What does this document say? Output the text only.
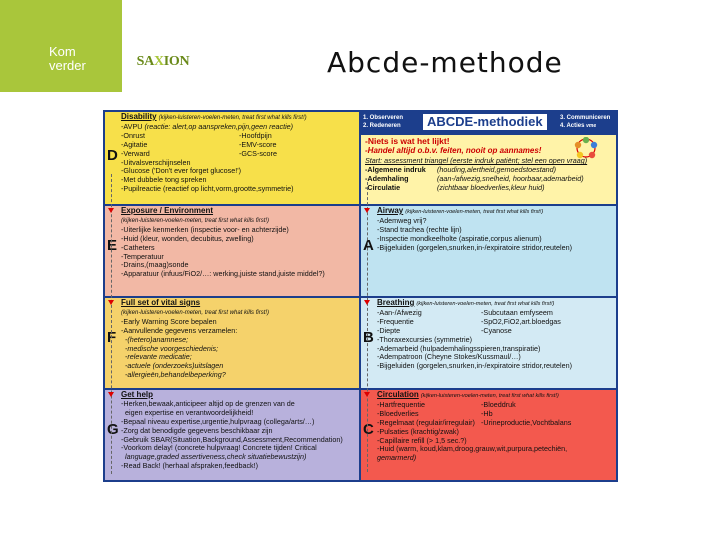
Kom
verder	SAXION	Abcde-methode
D
Disability (kijken-luisteren-voelen-meten, treat first what kills first!)
-AVPU (reactie: alert,op aanspreken,pijn,geen reactie)
-Onrust	-Hoofdpijn
-Agitatie	-EMV-score
-Verward	-GCS-score
-Uitvalsverschijnselen
-Glucose ('Don't ever forget glucose!')
-Met dubbele tong spreken
-Pupilreactie (reactief op licht,vorm,grootte,symmetrie)
E
Exposure / Environment
(kijken-luisteren-voelen-meten, treat first what kills first!)
-Uiterlijke kenmerken (inspectie voor- en achterzijde)
-Huid (kleur, wonden, decubitus, zwelling)
-Catheters
-Temperatuur
-Drains,(maag)sonde
-Apparatuur (infuus/FiO2/…: werking,juiste stand,juiste middel?)
F
Full set of vital signs
(kijken-luisteren-voelen-meten, treat first what kills first!)
-Early Warning Score bepalen
-Aanvullende gegevens verzamelen:
-(hetero)anamnese;
-medische voorgeschiedenis;
-relevante medicatie;
-actuele (onderzoeks)uitslagen
-allergieën,behandelbeperking?
G
Get help
-Herken,bewaak,anticipeer altijd op de grenzen van de
eigen expertise en verantwoordelijkheid!
-Bepaal niveau expertise,urgentie,hulpvraag (collega/arts/…)
-Zorg dat benodigde gegevens beschikbaar zijn
-Gebruik SBAR(Situation,Background,Assessment,Recommendation)
-Voorkom delay! (concrete hulpvraag! Concrete tijden! Critical
language,graded assertiveness,check situatiebewustzijn)
-Read Back! (herhaal afspraken,feedback!)
1. Observeren
2. Redeneren	ABCDE-methodiek	3. Communiceren
4. Acties vme
-Niets is wat het lijkt!
-Handel altijd o.b.v. feiten, nooit op aannames!
Start: assessment triangel (eerste indruk patiënt; stel een open vraag)
-Algemene indruk	(houding,alertheid,gemoedstoestand)
-Ademhaling	(aan-/afwezig,snelheid, hoorbaar,ademarbeid)
-Circulatie	(zichtbaar bloedverlies,kleur huid)
A
Airway (kijken-luisteren-voelen-meten, treat first what kills first!)
-Ademweg vrij?
-Stand trachea (rechte lijn)
-Inspectie mondkeelholte (aspiratie,corpus alienum)
-Bijgeluiden (gorgelen,snurken,in-/expiratoire stridor,reutelen)
B
Breathing (kijken-luisteren-voelen-meten, treat first what kills first!)
-Aan-/Afwezig	-Subcutaan emfyseem
-Frequentie	-SpO2,FiO2,art.bloedgas
-Diepte	-Cyanose
-Thoraxexcursies (symmetrie)
-Ademarbeid (hulpademhalingsspieren,transpiratie)
-Adempatroon (Cheyne Stokes/Kussmaul/…)
-Bijgeluiden (gorgelen,snurken,in-/expiratoire stridor,reutelen)
C
Circulation (kijken-luisteren-voelen-meten, treat first what kills first!)
-Hartfrequentie	-Bloeddruk
-Bloedverlies	-Hb
-Regelmaat (regulair/irregulair) -Urineproductie,Vochtbalans
-Pulsaties (krachtig/zwak)
-Capillaire refill (> 1,5 sec.?)
-Huid (warm, koud,klam,droog,grauw,wit,purpura,petechiën,
gemarmerd)
